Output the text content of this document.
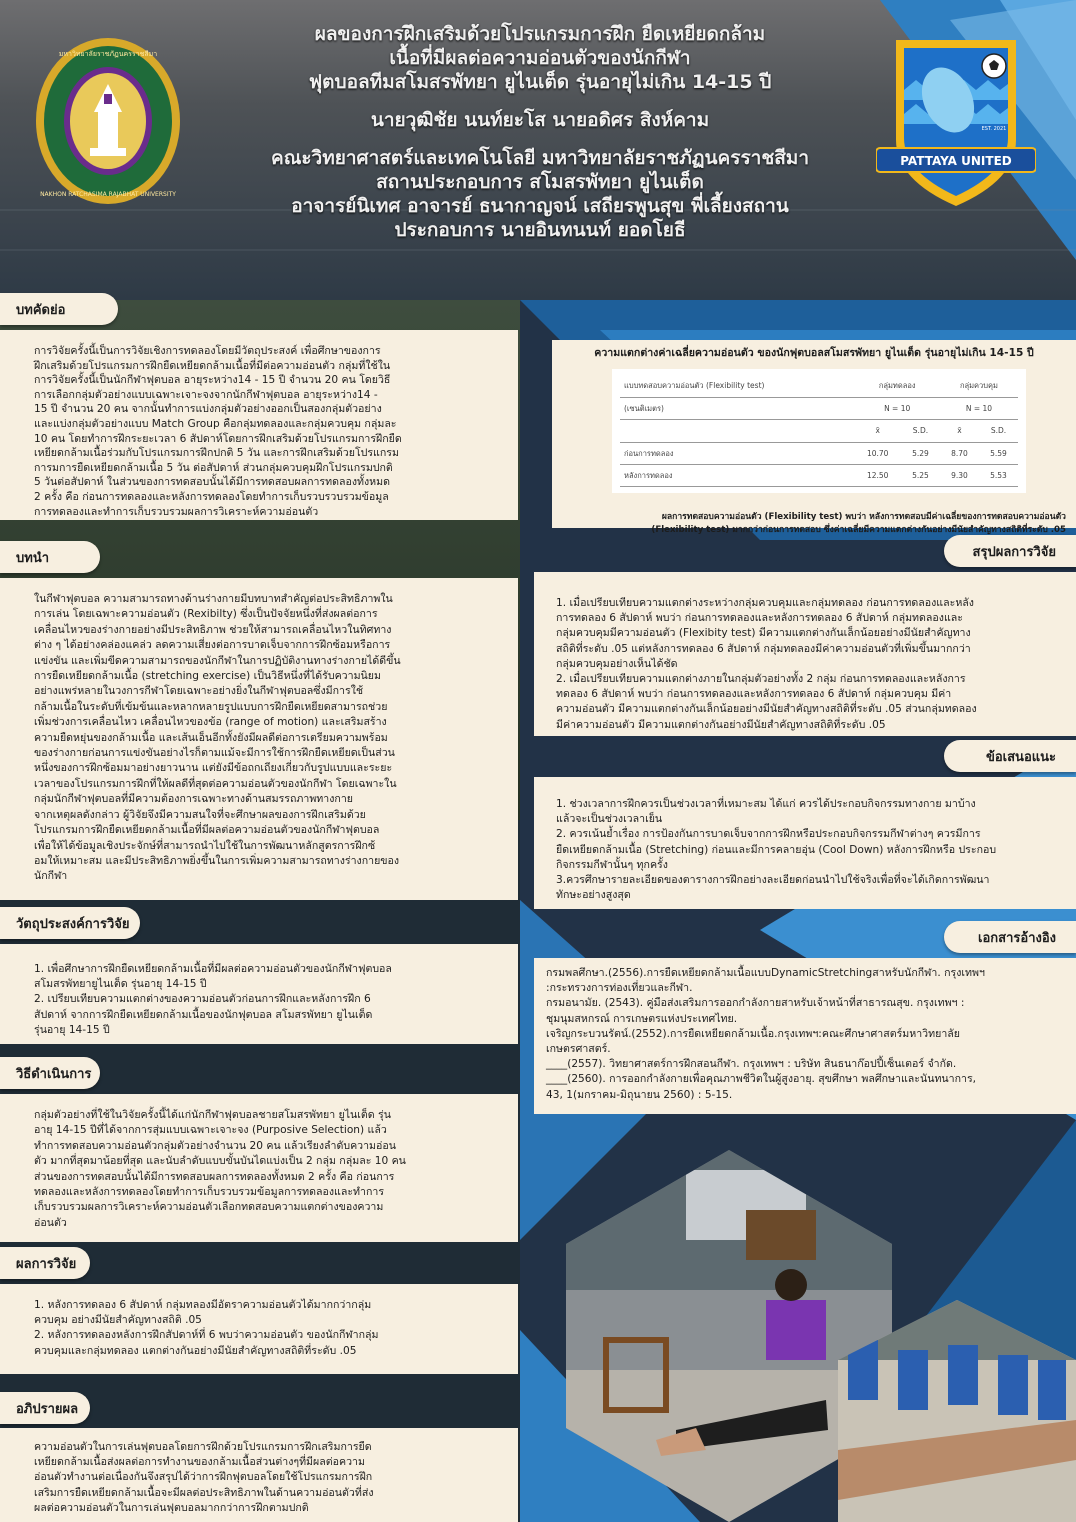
มหาวิทยาลัยราชภัฏนครราชสีมา
NAKHON RATCHASIMA RAJABHAT UNIVERSITY
PATTAYA UNITED
EST. 2021
ผลของการฝึกเสริมด้วยโปรแกรมการฝึก ยืดเหยียดกล้าม
เนื้อที่มีผลต่อความอ่อนตัวของนักกีฬา
ฟุตบอลทีมสโมสรพัทยา ยูไนเต็ด รุ่นอายุไม่เกิน 14-15 ปี
นายวุฒิชัย นนท์ยะโส นายอดิศร สิงห์คาม
คณะวิทยาศาสตร์และเทคโนโลยี มหาวิทยาลัยราชภัฏนครราชสีมา
สถานประกอบการ สโมสรพัทยา ยูไนเต็ด
อาจารย์นิเทศ อาจารย์ ธนากาญจน์ เสถียรพูนสุข พี่เลี้ยงสถาน
ประกอบการ นายอินทนนท์ ยอดโยธี
บทคัดย่อ
การวิจัยครั้งนี้เป็นการวิจัยเชิงการทดลองโดยมีวัตถุประสงค์ เพื่อศึกษาของการ
ฝึกเสริมด้วยโปรแกรมการฝึกยืดเหยียดกล้ามเนื้อที่มีต่อความอ่อนตัว กลุ่มที่ใช้ใน
การวิจัยครั้งนี้เป็นนักกีฬาฟุตบอล อายุระหว่าง14 - 15 ปี จำนวน 20 คน โดยวิธี
การเลือกกลุ่มตัวอย่างแบบเฉพาะเจาะจงจากนักกีฬาฟุตบอล อายุระหว่าง14 -
15 ปี จำนวน 20 คน จากนั้นทำการแบ่งกลุ่มตัวอย่างออกเป็นสองกลุ่มตัวอย่าง
และแบ่งกลุ่มตัวอย่างแบบ Match Group คือกลุ่มทดลองและกลุ่มควบคุม กลุ่มละ
10 คน โดยทำการฝึกระยะเวลา 6 สัปดาห์โดยการฝึกเสริมด้วยโปรแกรมการฝึกยืด
เหยียดกล้ามเนื้อร่วมกับโปรแกรมการฝึกปกติ 5 วัน และการฝึกเสริมด้วยโปรแกรม
การมการยืดเหยียดกล้ามเนื้อ 5 วัน ต่อสัปดาห์ ส่วนกลุ่มควบคุมฝึกโปรแกรมปกติ
5 วันต่อสัปดาห์ ในส่วนของการทดสอบนั้นได้มีการทดสอบผลการทดลองทั้งหมด
2 ครั้ง คือ ก่อนการทดลองและหลังการทดลองโดยทำการเก็บรวบรวบรวมข้อมูล
การทดลองและทำการเก็บรวบรวมผลการวิเคราะห์ความอ่อนตัว
บทนำ
ในกีฬาฟุตบอล ความสามารถทางด้านร่างกายมีบทบาทสำคัญต่อประสิทธิภาพใน
การเล่น โดยเฉพาะความอ่อนตัว (Rexibilty) ซึ่งเป็นปัจจัยหนึ่งที่ส่งผลต่อการ
เคลื่อนไหวของร่างกายอย่างมีประสิทธิภาพ ช่วยให้สามารถเคลื่อนไหวในทิศทาง
ต่าง ๆ ได้อย่างคล่องแคล่ว ลดความเสี่ยงต่อการบาดเจ็บจากการฝึกซ้อมหรือการ
แข่งขัน และเพิ่มขีดความสามารถของนักกีฬาในการปฏิบัติงานทางร่างกายได้ดีขึ้น
การยืดเหยียดกล้ามเนื้อ (stretching exercise) เป็นวิธีหนึ่งที่ได้รับความนิยม
อย่างแพร่หลายในวงการกีฬาโดยเฉพาะอย่างยิ่งในกีฬาฟุตบอลซึ่งมีการใช้
กล้ามเนื้อในระดับที่เข้มข้นและหลากหลายรูปแบบการฝึกยืดเหยียดสามารถช่วย
เพิ่มช่วงการเคลื่อนไหว เคลื่อนไหวของข้อ (range of motion) และเสริมสร้าง
ความยืดหยุ่นของกล้ามเนื้อ และเส้นเอ็นอีกทั้งยังมีผลดีต่อการเตรียมความพร้อม
ของร่างกายก่อนการแข่งขันอย่างไรก็ตามแม้จะมีการใช้การฝึกยืดเหยียดเป็นส่วน
หนึ่งของการฝึกซ้อมมาอย่างยาวนาน แต่ยังมีข้อถกเถียงเกี่ยวกับรูปแบบและระยะ
เวลาของโปรแกรมการฝึกที่ให้ผลดีที่สุดต่อความอ่อนตัวของนักกีฬา โดยเฉพาะใน
กลุ่มนักกีฬาฟุตบอลที่มีความต้องการเฉพาะทางด้านสมรรถภาพทางกาย
จากเหตุผลดังกล่าว ผู้วิจัยจึงมีความสนใจที่จะศึกษาผลของการฝึกเสริมด้วย
โปรแกรมการฝึกยืดเหยียดกล้ามเนื้อที่มีผลต่อความอ่อนตัวของนักกีฬาฟุตบอล
เพื่อให้ได้ข้อมูลเชิงประจักษ์ที่สามารถนำไปใช้ในการพัฒนาหลักสูตรการฝึกซ้
อมให้เหมาะสม และมีประสิทธิภาพยิ่งขึ้นในการเพิ่มความสามารถทางร่างกายของ
นักกีฬา
วัตถุประสงค์การวิจัย
1. เพื่อศึกษาการฝึกยืดเหยียดกล้ามเนื้อที่มีผลต่อความอ่อนตัวของนักกีฬาฟุตบอล
สโมสรพัทยายูไนเต็ด รุ่นอายุ 14-15 ปี
2. เปรียบเทียบความแตกต่างของความอ่อนตัวก่อนการฝึกและหลังการฝึก 6
สัปดาห์ จากการฝึกยืดเหยียดกล้ามเนื้อของนักฟุตบอล สโมสรพัทยา ยูไนเต็ด
รุ่นอายุ 14-15 ปี
วิธีดำเนินการ
กลุ่มตัวอย่างที่ใช้ในวิจัยครั้งนี้ได้แก่นักกีฬาฟุตบอลชายสโมสรพัทยา ยูไนเต็ด รุ่น
อายุ 14-15 ปีที่ได้จากการสุ่มแบบเฉพาะเจาะจง (Purposive Selection) แล้ว
ทำการทดสอบความอ่อนตัวกลุ่มตัวอย่างจำนวน 20 คน แล้วเรียงลำดับความอ่อน
ตัว มากที่สุดมาน้อยที่สุด และนับลำดับแบบขั้นบันไดแบ่งเป็น 2 กลุ่ม กลุ่มละ 10 คน
ส่วนของการทดสอบนั้นได้มีการทดสอบผลการทดลองทั้งหมด 2 ครั้ง คือ ก่อนการ
ทดลองและหลังการทดลองโดยทำการเก็บรวบรวมข้อมูลการทดลองและทำการ
เก็บรวบรวมผลการวิเคราะห์ความอ่อนตัวเลือกทดสอบความแตกต่างของความ
อ่อนตัว
ผลการวิจัย
1. หลังการทดลอง 6 สัปดาห์ กลุ่มทลองมีอัตราความอ่อนตัวได้มากกว่ากลุ่ม
ควบคุม อย่างมีนัยสำคัญทางสถิติ .05
2. หลังการทดลองหลังการฝึกสัปดาห์ที่ 6 พบว่าความอ่อนตัว ของนักกีฬากลุ่ม
ควบคุมและกลุ่มทดลอง แตกต่างกันอย่างมีนัยสำคัญทางสถิติที่ระดับ .05
อภิปรายผล
ความอ่อนตัวในการเล่นฟุตบอลโดยการฝึกด้วยโปรแกรมการฝึกเสริมการยืด
เหยียดกล้ามเนื้อส่งผลต่อการทำงานของกล้ามเนื้อส่วนต่างๆที่มีผลต่อความ
อ่อนตัวทำงานต่อเนื่องกันจึงสรุปได้ว่าการฝึกฟุตบอลโดยใช้โปรแกรมการฝึก
เสริมการยืดเหยียดกล้ามเนื้อจะมีผลต่อประสิทธิภาพในด้านความอ่อนตัวที่ส่ง
ผลต่อความอ่อนตัวในการเล่นฟุตบอลมากกว่าการฝึกตามปกติ
ความแตกต่างค่าเฉลี่ยความอ่อนตัว ของนักฟุตบอลสโมสรพัทยา ยูไนเต็ด รุ่นอายุไม่เกิน 14-15 ปี
แบบทดสอบความอ่อนตัว (Flexibility test)	กลุ่มทดลอง		กลุ่มควบคุม	
(เซนติเมตร)	N = 10		N = 10	
	x̄	S.D.	x̄	S.D.
ก่อนการทดลอง	10.70	5.29	8.70	5.59
หลังการทดลอง	12.50	5.25	9.30	5.53
ผลการทดสอบความอ่อนตัว (Flexibility test) พบว่า หลังการทดสอบมีค่าเฉลี่ยของการทดสอบความอ่อนตัว
(Flexibility test) มากกว่าก่อนการทดสอบ ซึ่งค่าเฉลี่ยมีความแตกต่างกันอย่างมีนัยสำคัญทางสถิติที่ระดับ .05
สรุปผลการวิจัย
1. เมื่อเปรียบเทียบความแตกต่างระหว่างกลุ่มควบคุมและกลุ่มทดลอง ก่อนการทดลองและหลัง
การทดลอง 6 สัปดาห์ พบว่า ก่อนการทดลองและหลังการทดลอง 6 สัปดาห์ กลุ่มทดลองและ
กลุ่มควบคุมมีความอ่อนตัว (Flexibity test) มีความแตกต่างกันเล็กน้อยอย่างมีนัยสำคัญทาง
สถิติที่ระดับ .05 แต่หลังการทดลอง 6 สัปดาห์ กลุ่มทดลองมีค่าความอ่อนตัวที่เพิ่มขึ้นมากกว่า
กลุ่มควบคุมอย่างเห็นได้ชัด
2. เมื่อเปรียบเทียบความแตกต่างภายในกลุ่มตัวอย่างทั้ง 2 กลุ่ม ก่อนการทดลองและหลังการ
ทดลอง 6 สัปดาห์ พบว่า ก่อนการทดลองและหลังการทดลอง 6 สัปดาห์ กลุ่มควบคุม มีค่า
ความอ่อนตัว มีความแตกต่างกันเล็กน้อยอย่างมีนัยสำคัญทางสถิติที่ระดับ .05 ส่วนกลุ่มทดลอง
มีค่าความอ่อนตัว มีความแตกต่างกันอย่างมีนัยสำคัญทางสถิติที่ระดับ .05
ข้อเสนอแนะ
1. ช่วงเวลาการฝึกควรเป็นช่วงเวลาที่เหมาะสม ได้แก่ ควรได้ประกอบกิจกรรมทางกาย มาบ้าง
แล้วจะเป็นช่วงเวลาเย็น
2. ควรเน้นย้ำเรื่อง การป้องกันการบาดเจ็บจากการฝึกหรือประกอบกิจกรรมกีฬาต่างๆ ควรมีการ
ยืดเหยียดกล้ามเนื้อ (Stretching) ก่อนและมีการคลายอุ่น (Cool Down) หลังการฝึกหรือ ประกอบ
กิจกรรมกีฬานั้นๆ ทุกครั้ง
3.ควรศึกษารายละเอียดของตารางการฝึกอย่างละเอียดก่อนนำไปใช้จริงเพื่อที่จะได้เกิดการพัฒนา
ทักษะอย่างสูงสุด
เอกสารอ้างอิง
กรมพลศึกษา.(2556).การยืดเหยียดกล้ามเนื้อแบบDynamicStretchingสาหรับนักกีฬา. กรุงเทพฯ
:กระทรวงการท่องเที่ยวและกีฬา.
กรมอนามัย. (2543). คู่มือส่งเสริมการออกกำลังกายสาหรับเจ้าหน้าที่สาธารณสุข. กรุงเทพฯ :
ชุมนุมสหกรณ์ การเกษตรแห่งประเทศไทย.
เจริญกระบวนรัตน์.(2552).การยืดเหยียดกล้ามเนื้อ.กรุงเทพฯ:คณะศึกษาศาสตร์มหาวิทยาลัย
เกษตรศาสตร์.
____(2557). วิทยาศาสตร์การฝึกสอนกีฬา. กรุงเทพฯ : บริษัท สินธนาก๊อปปี้เซ็นเตอร์ จำกัด.
____(2560). การออกกำลังกายเพื่อคุณภาพชีวิตในผู้สูงอายุ. สุขศึกษา พลศึกษาและนันทนาการ,
43, 1(มกราคม-มิถุนายน 2560) : 5-15.
